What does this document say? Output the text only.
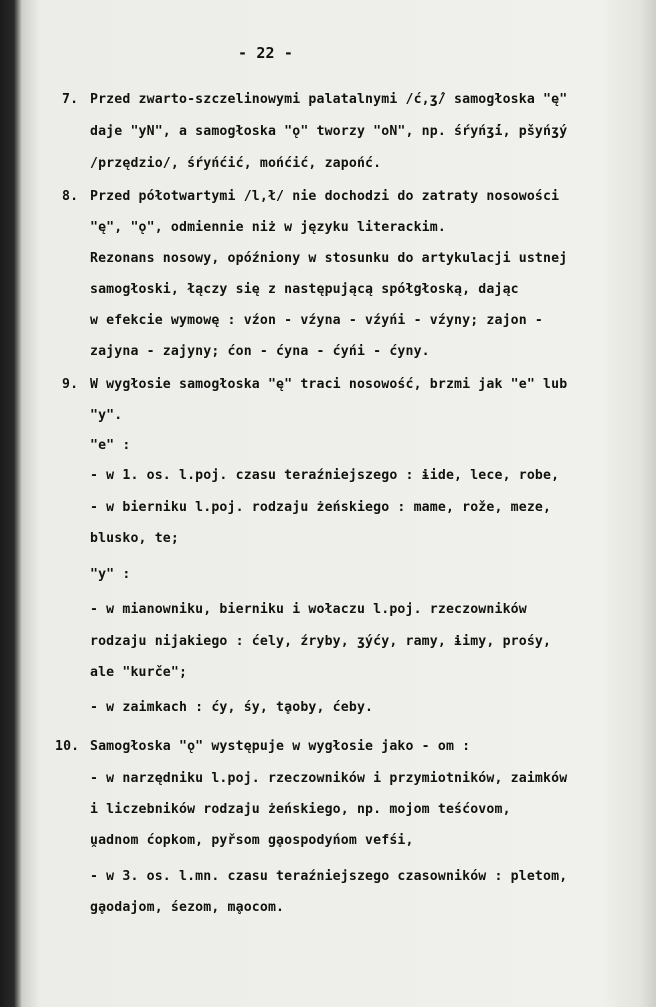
- 22 -
7. Przed zwarto-szczelinowymi palatalnymi /ć,ʒ́/ samogłoska "ę"
daje "yN", a samogłoska "ǫ" tworzy "oN", np. śŕyńʒ́i, pšyńʒ́y
/przędzio/, śŕyńćić, mońćić, zapońć.
8. Przed półotwartymi /l,ł/ nie dochodzi do zatraty nosowości
"ę", "ǫ", odmiennie niż w języku literackim.
Rezonans nosowy, opóźniony w stosunku do artykulacji ustnej
samogłoski, łączy się z następującą spółgłoską, dając
w efekcie wymowę : vźon - vźyna - vźyńi - vźyny; zajon -
zajyna - zajyny; ćon - ćyna - ćyńi - ćyny.
9. W wygłosie samogłoska "ę" traci nosowość, brzmi jak "e" lub
"y".
"e" :
- w 1. os. l.poj. czasu teraźniejszego : ɨide, lece, robe,
- w bierniku l.poj. rodzaju żeńskiego : mame, rože, meze,
blusko, te;
"y" :
- w mianowniku, bierniku i wołaczu l.poj. rzeczowników
rodzaju nijakiego : ćely, źryby, ʒ́yćy, ramy, ɨimy, prośy,
ale "kurče";
- w zaimkach : ćy, śy, tḁoby, ćeby.
10. Samogłoska "ǫ" występuje w wygłosie jako - om :
- w narzędniku l.poj. rzeczowników i przymiotników, zaimków
i liczebników rodzaju żeńskiego, np. mojom teśćovom,
ṷadnom ćopkom, pyřsom gḁospodyńom vefśi,
- w 3. os. l.mn. czasu teraźniejszego czasowników : pletom,
gḁodajom, śezom, mḁocom.
